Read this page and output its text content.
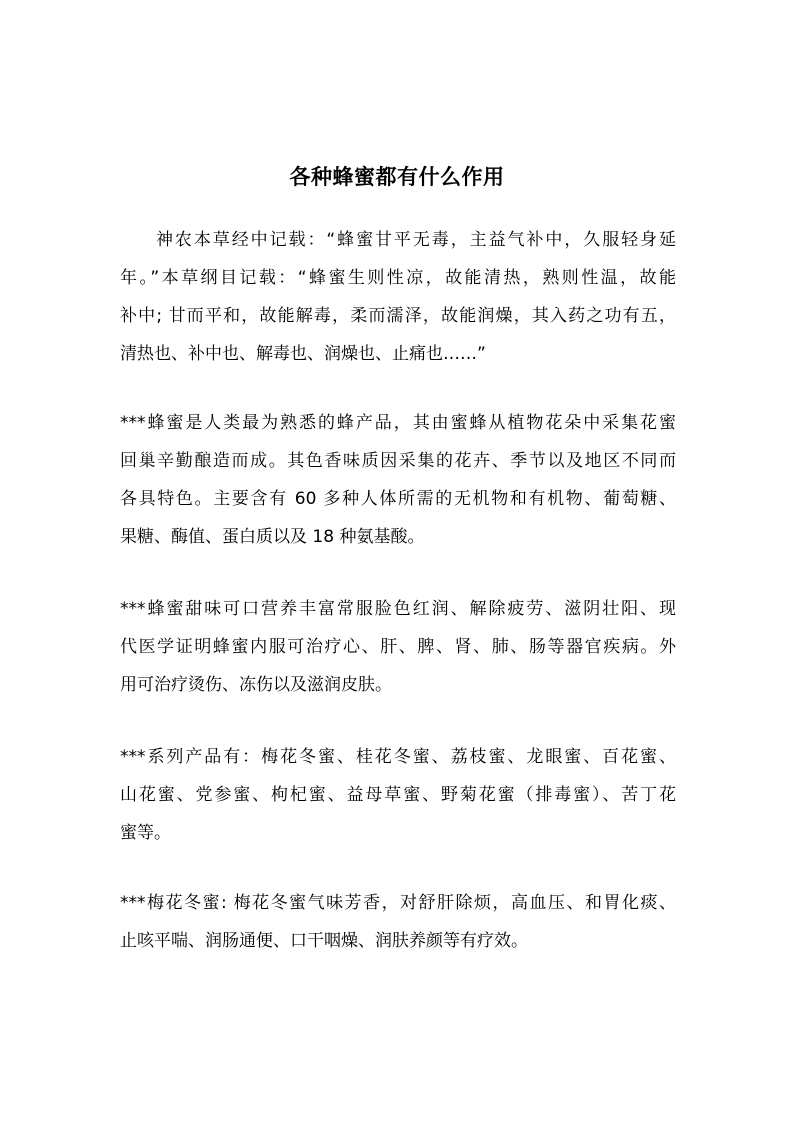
各种蜂蜜都有什么作用
神农本草经中记载：“蜂蜜甘平无毒，主益气补中，久服轻身延
年。”本草纲目记载：“蜂蜜生则性凉，故能清热，熟则性温，故能
补中; 甘而平和，故能解毒，柔而濡泽，故能润燥，其入药之功有五，
清热也、补中也、解毒也、润燥也、止痛也……”
***蜂蜜是人类最为熟悉的蜂产品，其由蜜蜂从植物花朵中采集花蜜
回巢辛勤酿造而成。其色香味质因采集的花卉、季节以及地区不同而
各具特色。主要含有 60 多种人体所需的无机物和有机物、葡萄糖、
果糖、酶值、蛋白质以及 18 种氨基酸。
***蜂蜜甜味可口营养丰富常服脸色红润、解除疲劳、滋阴壮阳、现
代医学证明蜂蜜内服可治疗心、肝、脾、肾、肺、肠等器官疾病。外
用可治疗烫伤、冻伤以及滋润皮肤。
***系列产品有：梅花冬蜜、桂花冬蜜、荔枝蜜、龙眼蜜、百花蜜、
山花蜜、党参蜜、枸杞蜜、益母草蜜、野菊花蜜（排毒蜜）、苦丁花
蜜等。
***梅花冬蜜: 梅花冬蜜气味芳香，对舒肝除烦，高血压、和胃化痰、
止咳平喘、润肠通便、口干咽燥、润肤养颜等有疗效。
